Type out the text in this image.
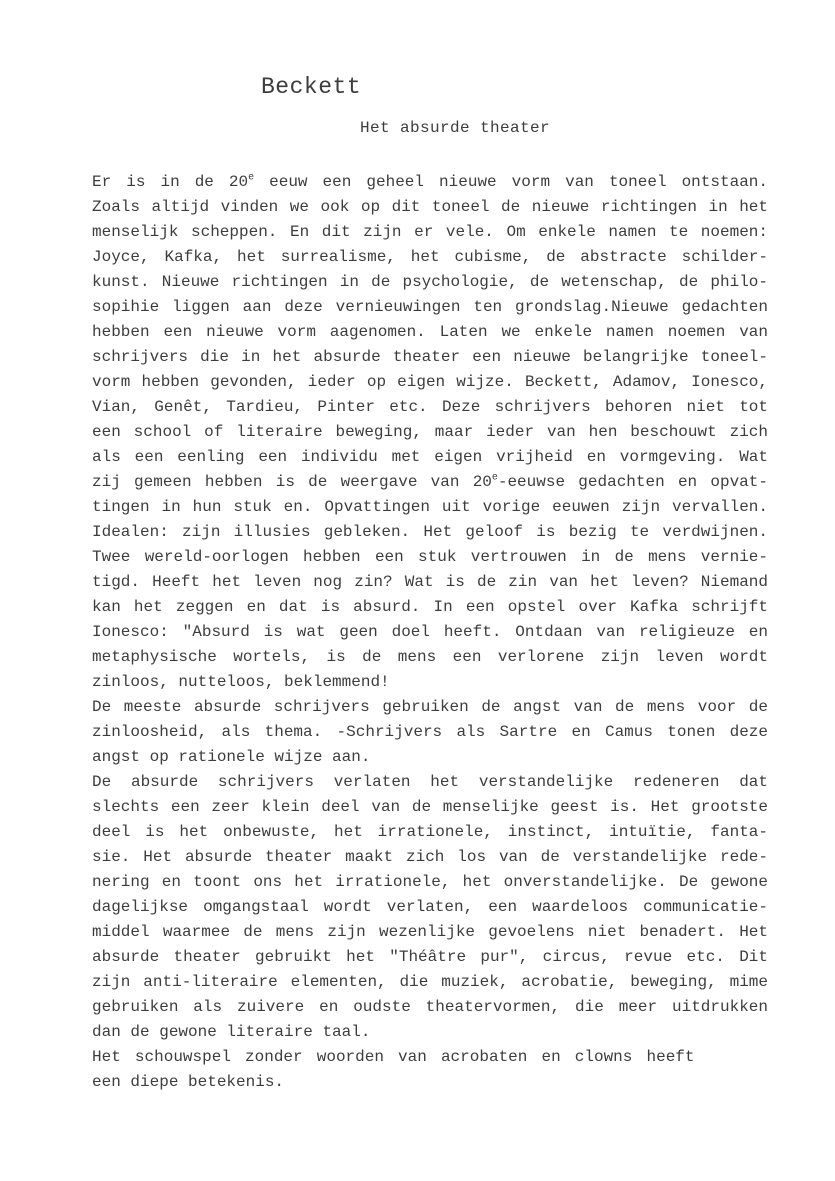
Beckett
Het absurde theater
Er is in de 20e eeuw een geheel nieuwe vorm van toneel ontstaan.
Zoals altijd vinden we ook op dit toneel de nieuwe richtingen in het
menselijk scheppen. En dit zijn er vele. Om enkele namen te noemen:
Joyce, Kafka, het surrealisme, het cubisme, de abstracte schilder-
kunst. Nieuwe richtingen in de psychologie, de wetenschap, de philo-
sopihie liggen aan deze vernieuwingen ten grondslag.Nieuwe gedachten
hebben een nieuwe vorm aagenomen. Laten we enkele namen noemen van
schrijvers die in het absurde theater een nieuwe belangrijke toneel-
vorm hebben gevonden, ieder op eigen wijze. Beckett, Adamov, Ionesco,
Vian, Genêt, Tardieu, Pinter etc. Deze schrijvers behoren niet tot
een school of literaire beweging, maar ieder van hen beschouwt zich
als een eenling een individu met eigen vrijheid en vormgeving. Wat
zij gemeen hebben is de weergave van 20e-eeuwse gedachten en opvat-
tingen in hun stuk en. Opvattingen uit vorige eeuwen zijn vervallen.
Idealen: zijn illusies gebleken. Het geloof is bezig te verdwijnen.
Twee wereld-oorlogen hebben een stuk vertrouwen in de mens vernie-
tigd. Heeft het leven nog zin? Wat is de zin van het leven? Niemand
kan het zeggen en dat is absurd. In een opstel over Kafka schrijft
Ionesco: "Absurd is wat geen doel heeft. Ontdaan van religieuze en
metaphysische wortels, is de mens een verlorene zijn leven wordt
zinloos, nutteloos, beklemmend!
De meeste absurde schrijvers gebruiken de angst van de mens voor de
zinloosheid, als thema. -Schrijvers als Sartre en Camus tonen deze
angst op rationele wijze aan.
De absurde schrijvers verlaten het verstandelijke redeneren dat
slechts een zeer klein deel van de menselijke geest is. Het grootste
deel is het onbewuste, het irrationele, instinct, intuïtie, fanta-
sie. Het absurde theater maakt zich los van de verstandelijke rede-
nering en toont ons het irrationele, het onverstandelijke. De gewone
dagelijkse omgangstaal wordt verlaten, een waardeloos communicatie-
middel waarmee de mens zijn wezenlijke gevoelens niet benadert. Het
absurde theater gebruikt het "Théâtre pur", circus, revue etc. Dit
zijn anti-literaire elementen, die muziek, acrobatie, beweging, mime
gebruiken als zuivere en oudste theatervormen, die meer uitdrukken
dan de gewone literaire taal.
Het schouwspel zonder woorden van acrobaten en clowns heeft
een diepe betekenis.
